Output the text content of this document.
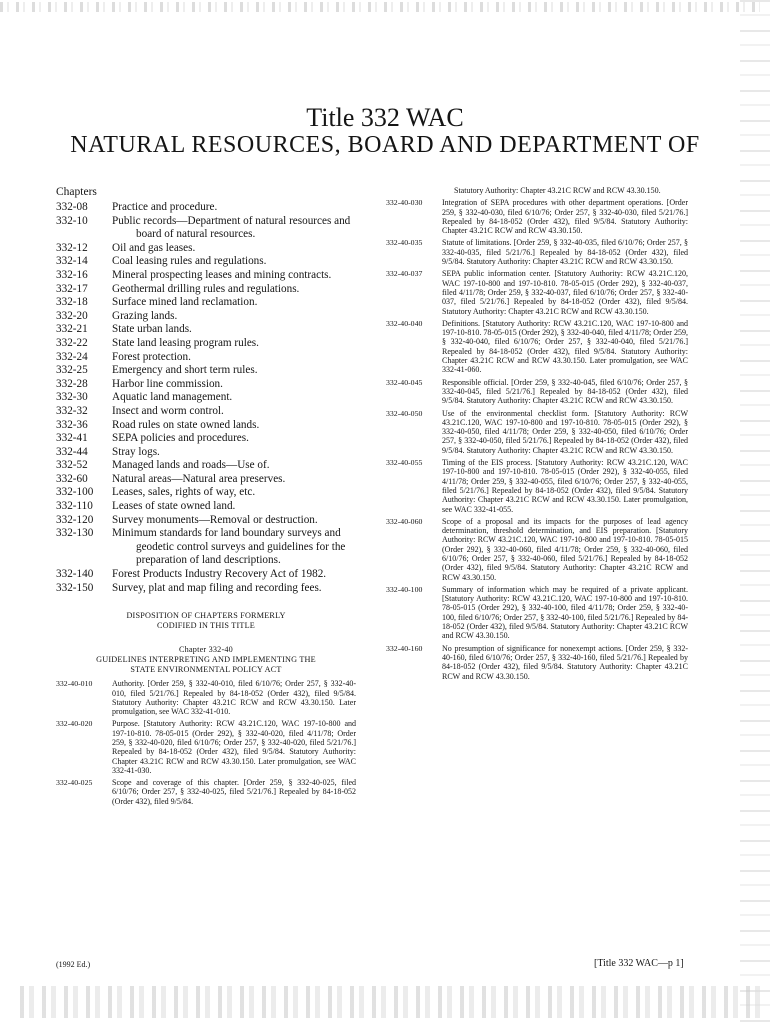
Title 332 WAC
NATURAL RESOURCES, BOARD AND DEPARTMENT OF
Chapters
332-08	Practice and procedure.
332-10	Public records—Department of natural resources and board of natural resources.
332-12	Oil and gas leases.
332-14	Coal leasing rules and regulations.
332-16	Mineral prospecting leases and mining contracts.
332-17	Geothermal drilling rules and regulations.
332-18	Surface mined land reclamation.
332-20	Grazing lands.
332-21	State urban lands.
332-22	State land leasing program rules.
332-24	Forest protection.
332-25	Emergency and short term rules.
332-28	Harbor line commission.
332-30	Aquatic land management.
332-32	Insect and worm control.
332-36	Road rules on state owned lands.
332-41	SEPA policies and procedures.
332-44	Stray logs.
332-52	Managed lands and roads—Use of.
332-60	Natural areas—Natural area preserves.
332-100	Leases, sales, rights of way, etc.
332-110	Leases of state owned land.
332-120	Survey monuments—Removal or destruction.
332-130	Minimum standards for land boundary surveys and geodetic control surveys and guidelines for the preparation of land descriptions.
332-140	Forest Products Industry Recovery Act of 1982.
332-150	Survey, plat and map filing and recording fees.
DISPOSITION OF CHAPTERS FORMERLY
CODIFIED IN THIS TITLE
Chapter 332-40
GUIDELINES INTERPRETING AND IMPLEMENTING THE
STATE ENVIRONMENTAL POLICY ACT
332-40-010	Authority. [Order 259, § 332-40-010, filed 6/10/76; Order 257, § 332-40-010, filed 5/21/76.] Repealed by 84-18-052 (Order 432), filed 9/5/84. Statutory Authority: Chapter 43.21C RCW and RCW 43.30.150. Later promulgation, see WAC 332-41-010.
332-40-020	Purpose. [Statutory Authority: RCW 43.21C.120, WAC 197-10-800 and 197-10-810. 78-05-015 (Order 292), § 332-40-020, filed 4/11/78; Order 259, § 332-40-020, filed 6/10/76; Order 257, § 332-40-020, filed 5/21/76.] Repealed by 84-18-052 (Order 432), filed 9/5/84. Statutory Authority: Chapter 43.21C RCW and RCW 43.30.150. Later promulgation, see WAC 332-41-030.
332-40-025	Scope and coverage of this chapter. [Order 259, § 332-40-025, filed 6/10/76; Order 257, § 332-40-025, filed 5/21/76.] Repealed by 84-18-052 (Order 432), filed 9/5/84.
Statutory Authority: Chapter 43.21C RCW and RCW 43.30.150.
332-40-030	Integration of SEPA procedures with other department operations. [Order 259, § 332-40-030, filed 6/10/76; Order 257, § 332-40-030, filed 5/21/76.] Repealed by 84-18-052 (Order 432), filed 9/5/84. Statutory Authority: Chapter 43.21C RCW and RCW 43.30.150.
332-40-035	Statute of limitations. [Order 259, § 332-40-035, filed 6/10/76; Order 257, § 332-40-035, filed 5/21/76.] Repealed by 84-18-052 (Order 432), filed 9/5/84. Statutory Authority: Chapter 43.21C RCW and RCW 43.30.150.
332-40-037	SEPA public information center. [Statutory Authority: RCW 43.21C.120, WAC 197-10-800 and 197-10-810. 78-05-015 (Order 292), § 332-40-037, filed 4/11/78; Order 259, § 332-40-037, filed 6/10/76; Order 257, § 332-40-037, filed 5/21/76.] Repealed by 84-18-052 (Order 432), filed 9/5/84. Statutory Authority: Chapter 43.21C RCW and RCW 43.30.150.
332-40-040	Definitions. [Statutory Authority: RCW 43.21C.120, WAC 197-10-800 and 197-10-810. 78-05-015 (Order 292), § 332-40-040, filed 4/11/78; Order 259, § 332-40-040, filed 6/10/76; Order 257, § 332-40-040, filed 5/21/76.] Repealed by 84-18-052 (Order 432), filed 9/5/84. Statutory Authority: Chapter 43.21C RCW and RCW 43.30.150. Later promulgation, see WAC 332-41-060.
332-40-045	Responsible official. [Order 259, § 332-40-045, filed 6/10/76; Order 257, § 332-40-045, filed 5/21/76.] Repealed by 84-18-052 (Order 432), filed 9/5/84. Statutory Authority: Chapter 43.21C RCW and RCW 43.30.150.
332-40-050	Use of the environmental checklist form. [Statutory Authority: RCW 43.21C.120, WAC 197-10-800 and 197-10-810. 78-05-015 (Order 292), § 332-40-050, filed 4/11/78; Order 259, § 332-40-050, filed 6/10/76; Order 257, § 332-40-050, filed 5/21/76.] Repealed by 84-18-052 (Order 432), filed 9/5/84. Statutory Authority: Chapter 43.21C RCW and RCW 43.30.150.
332-40-055	Timing of the EIS process. [Statutory Authority: RCW 43.21C.120, WAC 197-10-800 and 197-10-810. 78-05-015 (Order 292), § 332-40-055, filed 4/11/78; Order 259, § 332-40-055, filed 6/10/76; Order 257, § 332-40-055, filed 5/21/76.] Repealed by 84-18-052 (Order 432), filed 9/5/84. Statutory Authority: Chapter 43.21C RCW and RCW 43.30.150. Later promulgation, see WAC 332-41-055.
332-40-060	Scope of a proposal and its impacts for the purposes of lead agency determination, threshold determination, and EIS preparation. [Statutory Authority: RCW 43.21C.120, WAC 197-10-800 and 197-10-810. 78-05-015 (Order 292), § 332-40-060, filed 4/11/78; Order 259, § 332-40-060, filed 6/10/76; Order 257, § 332-40-060, filed 5/21/76.] Repealed by 84-18-052 (Order 432), filed 9/5/84. Statutory Authority: Chapter 43.21C RCW and RCW 43.30.150.
332-40-100	Summary of information which may be required of a private applicant. [Statutory Authority: RCW 43.21C.120, WAC 197-10-800 and 197-10-810. 78-05-015 (Order 292), § 332-40-100, filed 4/11/78; Order 259, § 332-40-100, filed 6/10/76; Order 257, § 332-40-100, filed 5/21/76.] Repealed by 84-18-052 (Order 432), filed 9/5/84. Statutory Authority: Chapter 43.21C RCW and RCW 43.30.150.
332-40-160	No presumption of significance for nonexempt actions. [Order 259, § 332-40-160, filed 6/10/76; Order 257, § 332-40-160, filed 5/21/76.] Repealed by 84-18-052 (Order 432), filed 9/5/84. Statutory Authority: Chapter 43.21C RCW and RCW 43.30.150.
(1992 Ed.)	[Title 332 WAC—p 1]
